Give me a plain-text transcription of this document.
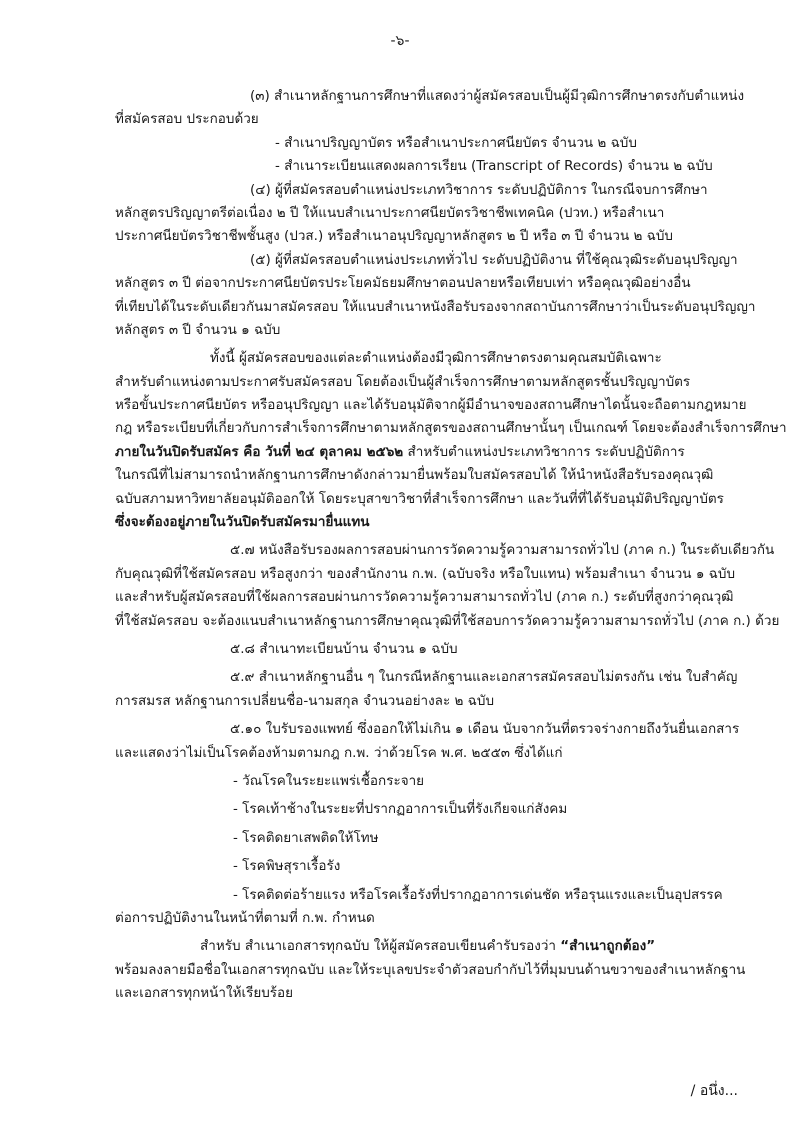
-๖-
(๓) สำเนาหลักฐานการศึกษาที่แสดงว่าผู้สมัครสอบเป็นผู้มีวุฒิการศึกษาตรงกับตำแหน่ง
ที่สมัครสอบ ประกอบด้วย
- สำเนาปริญญาบัตร หรือสำเนาประกาศนียบัตร จำนวน ๒ ฉบับ
- สำเนาระเบียนแสดงผลการเรียน (Transcript of Records) จำนวน ๒ ฉบับ
(๔) ผู้ที่สมัครสอบตำแหน่งประเภทวิชาการ ระดับปฏิบัติการ ในกรณีจบการศึกษา
หลักสูตรปริญญาตรีต่อเนื่อง ๒ ปี ให้แนบสำเนาประกาศนียบัตรวิชาชีพเทคนิค (ปวท.) หรือสำเนา
ประกาศนียบัตรวิชาชีพชั้นสูง (ปวส.) หรือสำเนาอนุปริญญาหลักสูตร ๒ ปี หรือ ๓ ปี จำนวน ๒ ฉบับ
(๕) ผู้ที่สมัครสอบตำแหน่งประเภททั่วไป ระดับปฏิบัติงาน ที่ใช้คุณวุฒิระดับอนุปริญญา
หลักสูตร ๓ ปี ต่อจากประกาศนียบัตรประโยคมัธยมศึกษาตอนปลายหรือเทียบเท่า หรือคุณวุฒิอย่างอื่น
ที่เทียบได้ในระดับเดียวกันมาสมัครสอบ ให้แนบสำเนาหนังสือรับรองจากสถาบันการศึกษาว่าเป็นระดับอนุปริญญา
หลักสูตร ๓ ปี จำนวน ๑ ฉบับ
ทั้งนี้ ผู้สมัครสอบของแต่ละตำแหน่งต้องมีวุฒิการศึกษาตรงตามคุณสมบัติเฉพาะ
สำหรับตำแหน่งตามประกาศรับสมัครสอบ โดยต้องเป็นผู้สำเร็จการศึกษาตามหลักสูตรชั้นปริญญาบัตร
หรือขั้นประกาศนียบัตร หรืออนุปริญญา และได้รับอนุมัติจากผู้มีอำนาจของสถานศึกษาไดนั้นจะถือตามกฎหมาย
กฎ หรือระเบียบที่เกี่ยวกับการสำเร็จการศึกษาตามหลักสูตรของสถานศึกษานั้นๆ เป็นเกณฑ์ โดยจะต้องสำเร็จการศึกษา
ภายในวันปิดรับสมัคร คือ วันที่ ๒๔ ตุลาคม ๒๕๖๒ สำหรับตำแหน่งประเภทวิชาการ ระดับปฏิบัติการ
ในกรณีที่ไม่สามารถนำหลักฐานการศึกษาดังกล่าวมายื่นพร้อมใบสมัครสอบได้ ให้นำหนังสือรับรองคุณวุฒิ
ฉบับสภามหาวิทยาลัยอนุมัติออกให้ โดยระบุสาขาวิชาที่สำเร็จการศึกษา และวันที่ที่ได้รับอนุมัติปริญญาบัตร
ซึ่งจะต้องอยู่ภายในวันปิดรับสมัครมายื่นแทน
๕.๗ หนังสือรับรองผลการสอบผ่านการวัดความรู้ความสามารถทั่วไป (ภาค ก.) ในระดับเดียวกัน
กับคุณวุฒิที่ใช้สมัครสอบ หรือสูงกว่า ของสำนักงาน ก.พ. (ฉบับจริง หรือใบแทน) พร้อมสำเนา จำนวน ๑ ฉบับ
และสำหรับผู้สมัครสอบที่ใช้ผลการสอบผ่านการวัดความรู้ความสามารถทั่วไป (ภาค ก.) ระดับที่สูงกว่าคุณวุฒิ
ที่ใช้สมัครสอบ จะต้องแนบสำเนาหลักฐานการศึกษาคุณวุฒิที่ใช้สอบการวัดความรู้ความสามารถทั่วไป (ภาค ก.) ด้วย
๕.๘ สำเนาทะเบียนบ้าน จำนวน ๑ ฉบับ
๕.๙ สำเนาหลักฐานอื่น ๆ ในกรณีหลักฐานและเอกสารสมัครสอบไม่ตรงกัน เช่น ใบสำคัญ
การสมรส หลักฐานการเปลี่ยนชื่อ-นามสกุล จำนวนอย่างละ ๒ ฉบับ
๕.๑๐ ใบรับรองแพทย์ ซึ่งออกให้ไม่เกิน ๑ เดือน นับจากวันที่ตรวจร่างกายถึงวันยื่นเอกสาร
และแสดงว่าไม่เป็นโรคต้องห้ามตามกฎ ก.พ. ว่าด้วยโรค พ.ศ. ๒๕๕๓ ซึ่งได้แก่
- วัณโรคในระยะแพร่เชื้อกระจาย
- โรคเท้าช้างในระยะที่ปรากฏอาการเป็นที่รังเกียจแก่สังคม
- โรคติดยาเสพติดให้โทษ
- โรคพิษสุราเรื้อรัง
- โรคติดต่อร้ายแรง หรือโรคเรื้อรังที่ปรากฏอาการเด่นชัด หรือรุนแรงและเป็นอุปสรรค
ต่อการปฏิบัติงานในหน้าที่ตามที่ ก.พ. กำหนด
สำหรับ สำเนาเอกสารทุกฉบับ ให้ผู้สมัครสอบเขียนคำรับรองว่า “สำเนาถูกต้อง”
พร้อมลงลายมือชื่อในเอกสารทุกฉบับ และให้ระบุเลขประจำตัวสอบกำกับไว้ที่มุมบนด้านขวาของสำเนาหลักฐาน
และเอกสารทุกหน้าให้เรียบร้อย
/ อนึ่ง...
